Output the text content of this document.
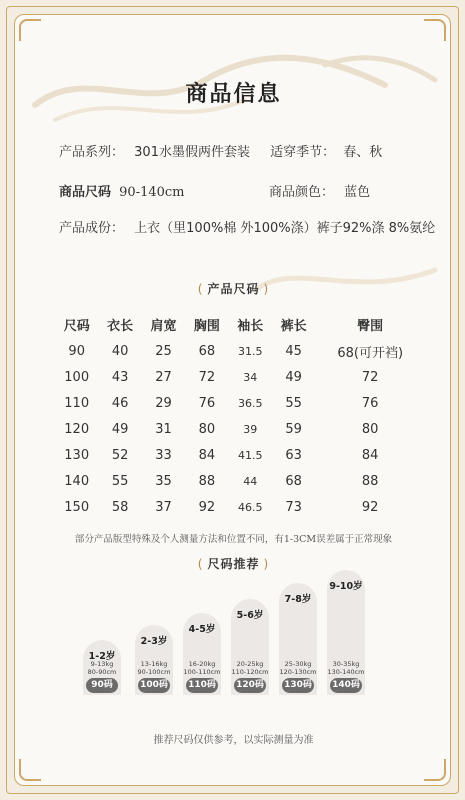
商品信息
产品系列： 301水墨假两件套装 适穿季节： 春、秋
商品尺码 90-140cm	商品颜色： 蓝色
产品成份： 上衣（里100%棉 外100%涤）裤子92%涤 8%氨纶
( 产品尺码 )
尺码	衣长	肩宽	胸围	袖长	裤长	臀围
90	40	25	68	31.5	45	68(可开裆)
100	43	27	72	34	49	72
110	46	29	76	36.5	55	76
120	49	31	80	39	59	80
130	52	33	84	41.5	63	84
140	55	35	88	44	68	88
150	58	37	92	46.5	73	92
部分产品版型特殊及个人测量方法和位置不同，有1-3CM误差属于正常现象
( 尺码推荐 )
1-2岁
9-13kg
80-90cm
90码
2-3岁
13-16kg
90-100cm
100码
4-5岁
16-20kg
100-110cm
110码
5-6岁
20-25kg
110-120cm
120码
7-8岁
25-30kg
120-130cm
130码
9-10岁
30-35kg
130-140cm
140码
推荐尺码仅供参考，以实际测量为准
